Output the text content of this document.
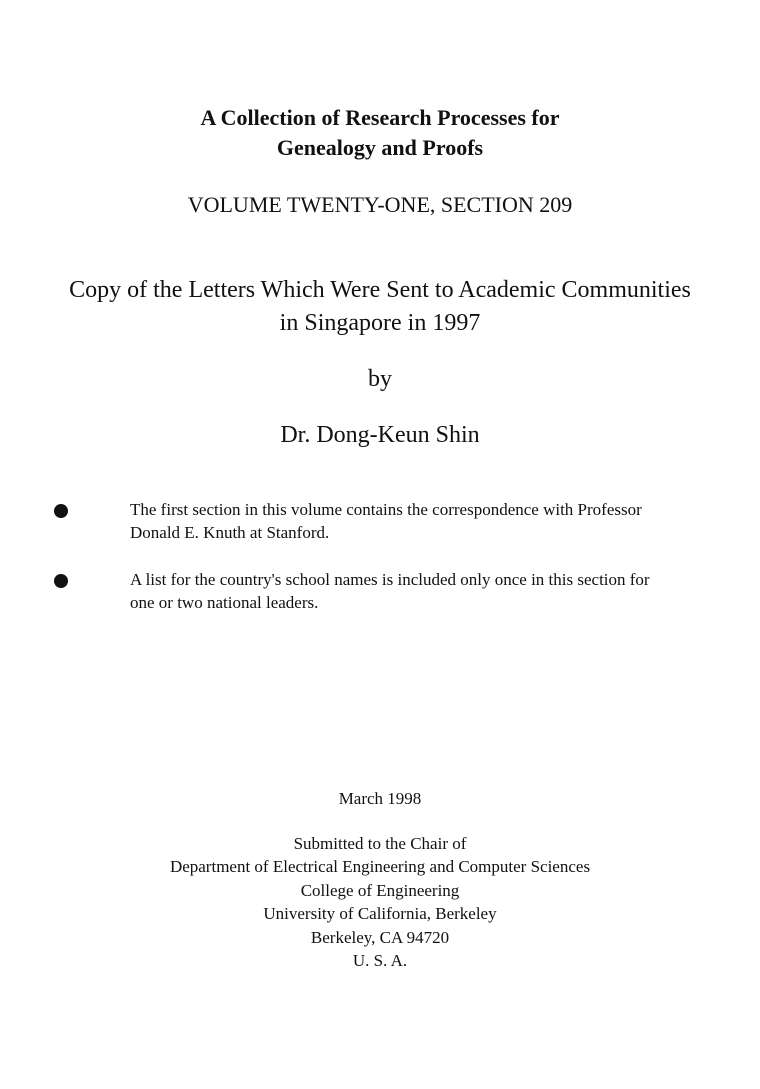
A Collection of Research Processes for
Genealogy and Proofs
VOLUME TWENTY-ONE, SECTION 209
Copy of the Letters Which Were Sent to Academic Communities
in Singapore in 1997
by
Dr. Dong-Keun Shin
The first section in this volume contains the correspondence with Professor
Donald E. Knuth at Stanford.
A list for the country's school names is included only once in this section for
one or two national leaders.
March 1998
Submitted to the Chair of
Department of Electrical Engineering and Computer Sciences
College of Engineering
University of California, Berkeley
Berkeley, CA 94720
U. S. A.
